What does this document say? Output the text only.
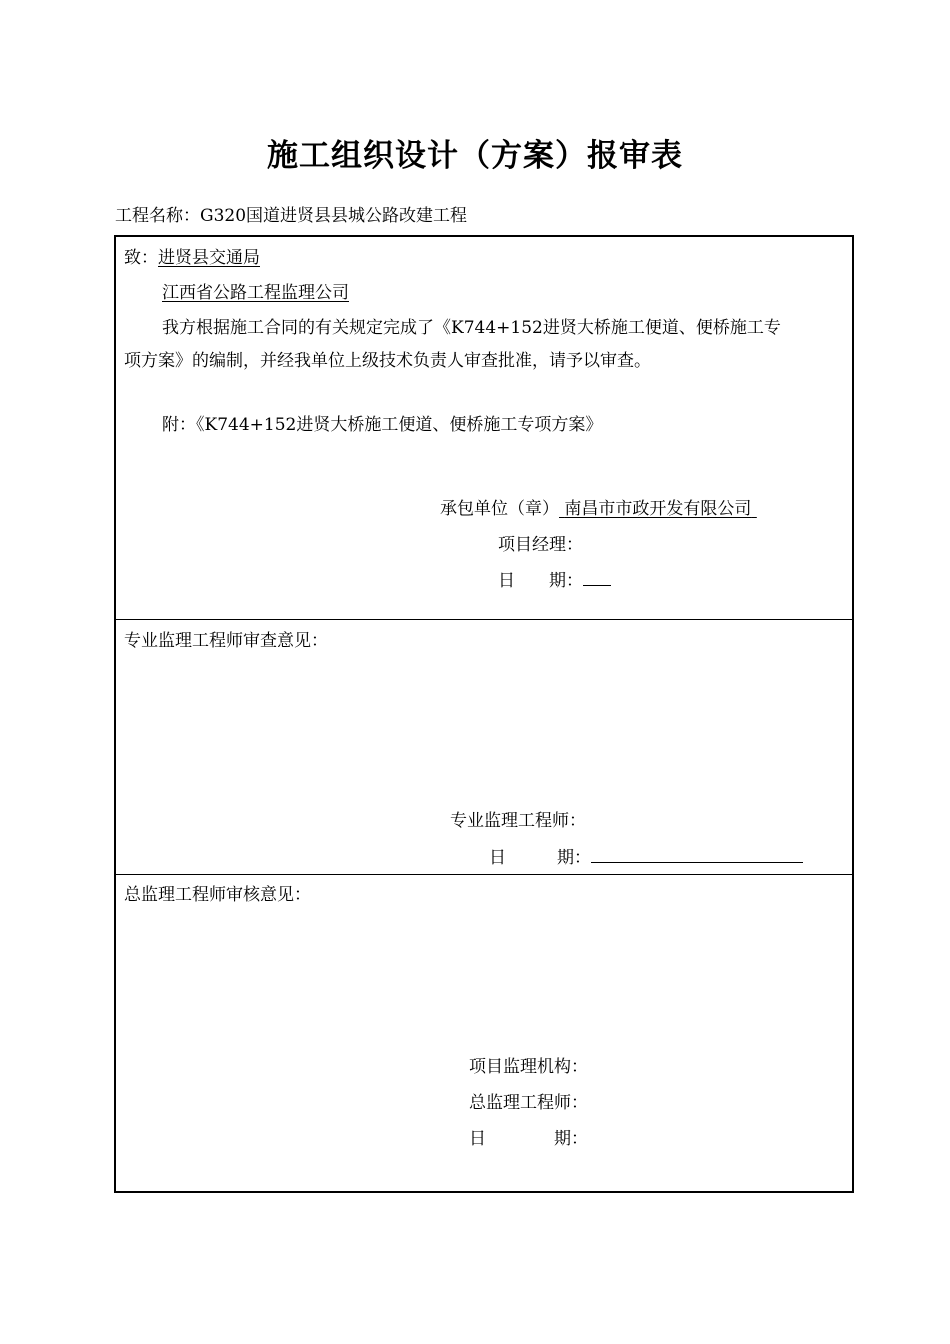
施工组织设计（方案）报审表
工程名称：G320国道进贤县县城公路改建工程
致：进贤县交通局
江西省公路工程监理公司
我方根据施工合同的有关规定完成了《K744+152进贤大桥施工便道、便桥施工专
项方案》的编制，并经我单位上级技术负责人审查批准，请予以审查。
附：《K744+152进贤大桥施工便道、便桥施工专项方案》
承包单位（章） 南昌市市政开发有限公司
项目经理：
日　　期：
专业监理工程师审查意见：
专业监理工程师：
日　　　期：
总监理工程师审核意见：
项目监理机构：
总监理工程师：
日　　　　期：
